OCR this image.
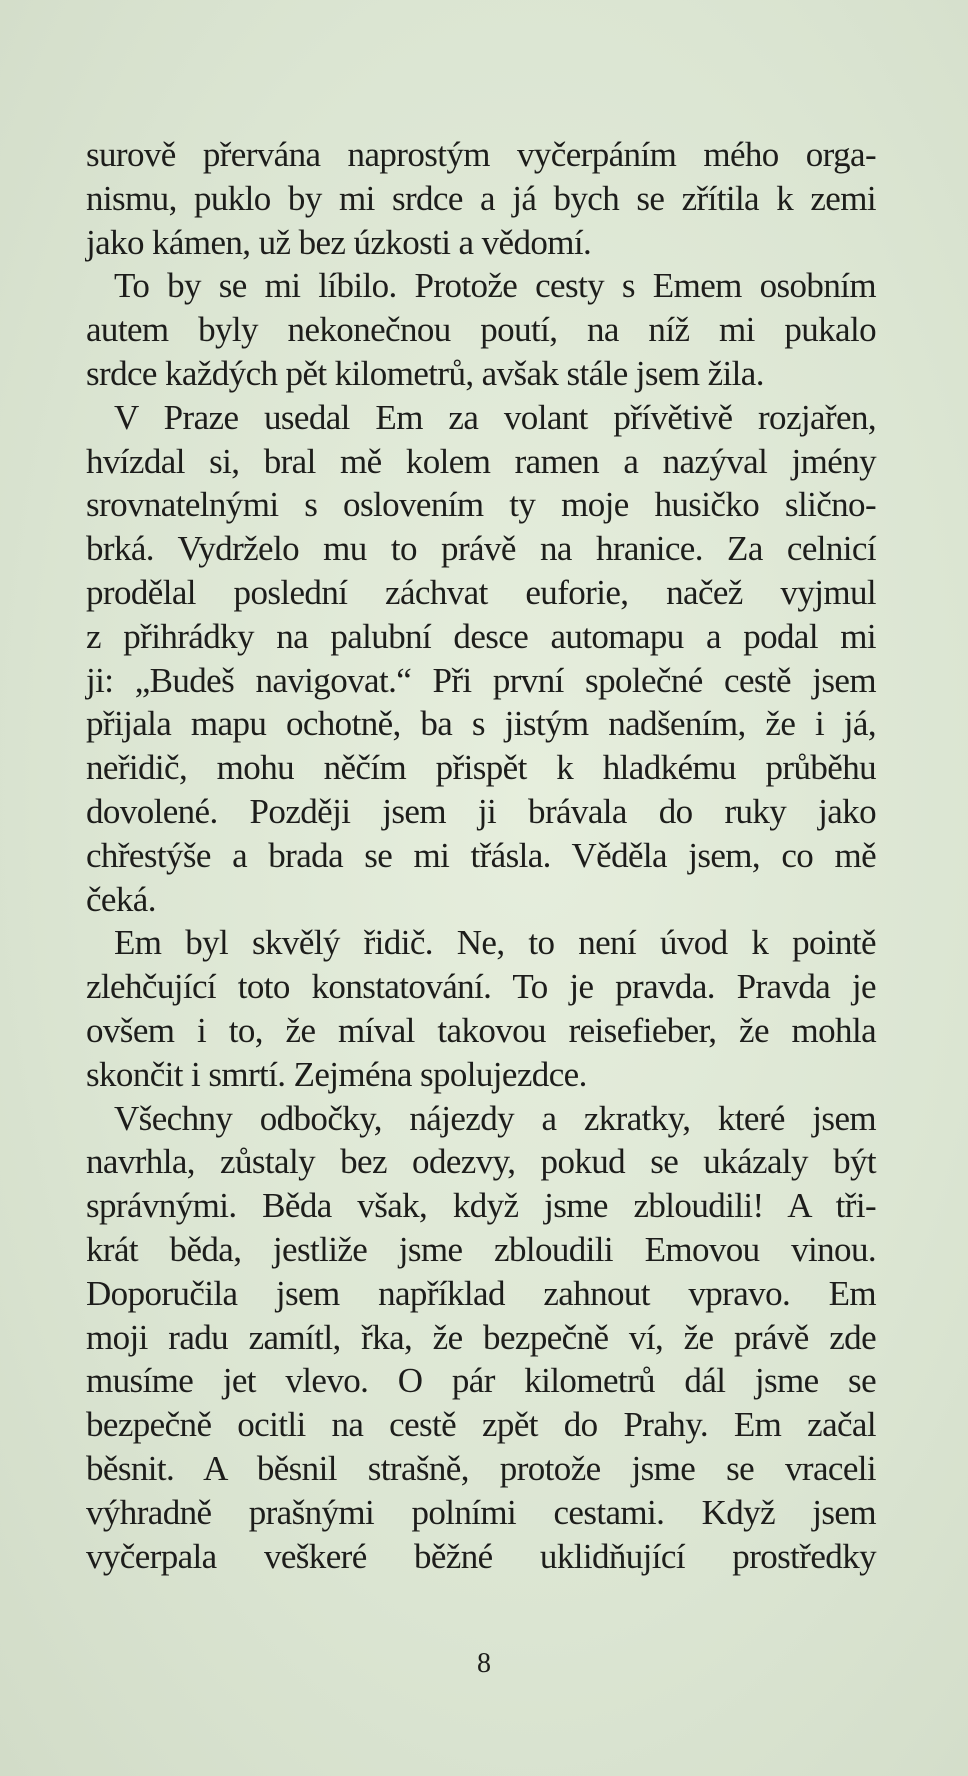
surově přervána naprostým vyčerpáním mého orga-
nismu, puklo by mi srdce a já bych se zřítila k zemi
jako kámen, už bez úzkosti a vědomí.
To by se mi líbilo. Protože cesty s Emem osobním
autem byly nekonečnou poutí, na níž mi pukalo
srdce každých pět kilometrů, avšak stále jsem žila.
V Praze usedal Em za volant přívětivě rozjařen,
hvízdal si, bral mě kolem ramen a nazýval jmény
srovnatelnými s oslovením ty moje husičko slično-
brká. Vydrželo mu to právě na hranice. Za celnicí
prodělal poslední záchvat euforie, načež vyjmul
z přihrádky na palubní desce automapu a podal mi
ji: „Budeš navigovat.“ Při první společné cestě jsem
přijala mapu ochotně, ba s jistým nadšením, že i já,
neřidič, mohu něčím přispět k hladkému průběhu
dovolené. Později jsem ji brávala do ruky jako
chřestýše a brada se mi třásla. Věděla jsem, co mě
čeká.
Em byl skvělý řidič. Ne, to není úvod k pointě
zlehčující toto konstatování. To je pravda. Pravda je
ovšem i to, že míval takovou reisefieber, že mohla
skončit i smrtí. Zejména spolujezdce.
Všechny odbočky, nájezdy a zkratky, které jsem
navrhla, zůstaly bez odezvy, pokud se ukázaly být
správnými. Běda však, když jsme zbloudili! A tři-
krát běda, jestliže jsme zbloudili Emovou vinou.
Doporučila jsem například zahnout vpravo. Em
moji radu zamítl, řka, že bezpečně ví, že právě zde
musíme jet vlevo. O pár kilometrů dál jsme se
bezpečně ocitli na cestě zpět do Prahy. Em začal
běsnit. A běsnil strašně, protože jsme se vraceli
výhradně prašnými polními cestami. Když jsem
vyčerpala veškeré běžné uklidňující prostředky
8
